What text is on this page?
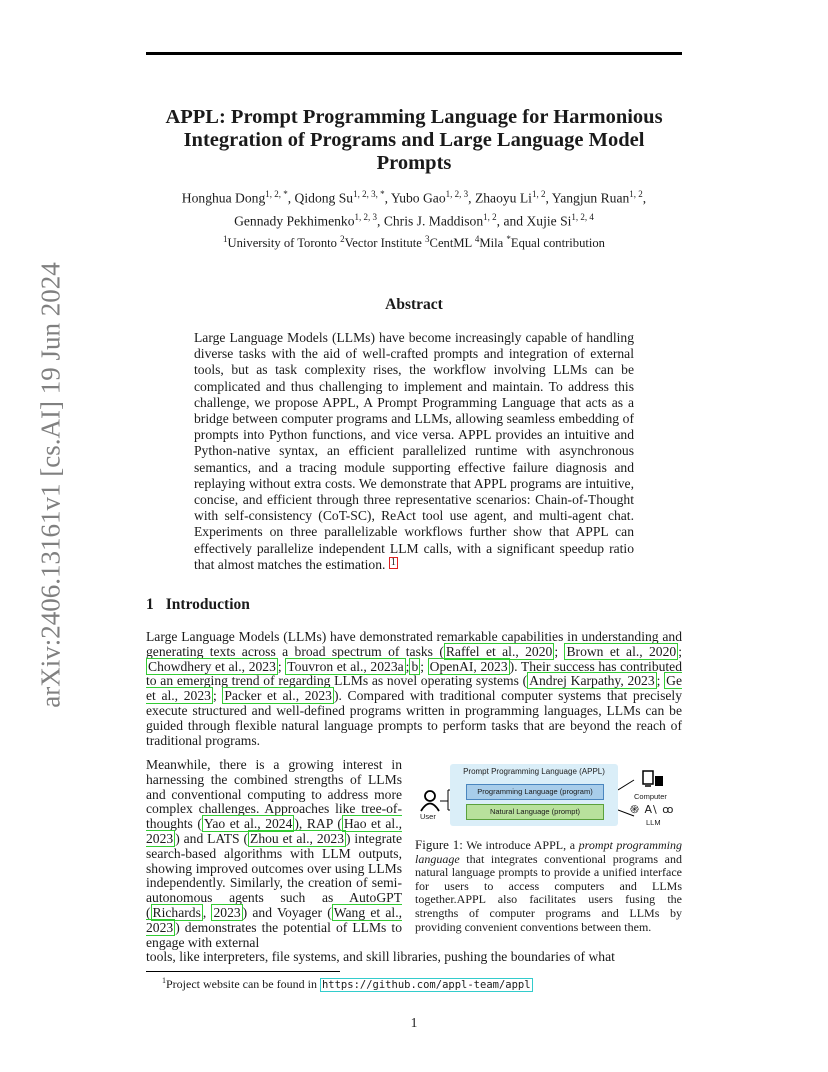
arXiv:2406.13161v1 [cs.AI] 19 Jun 2024
APPL: Prompt Programming Language for Harmonious
Integration of Programs and Large Language Model Prompts
Honghua Dong$^{1, 2, *}$, Qidong $Su^{1, 2, 3, *}$, Yubo Gao$^{1, 2, 3}$, Zhaoyu Li$^{1, 2}$, Yangjun Ruan$^{1, 2}$,
Gennady Pekhimenko$^{1, 2, 3}$, Chris J. Maddison$^{1, 2}$, and Xujie Si$^{1, 2, 4}$
$^1$University of Toronto $^2$Vector Institute $^3$CentML $^4$Mila *Equal contribution
Abstract

Large Language Models (LLMs) have become increasingly capable of handling diverse tasks with the aid of well-crafted prompts and integration of external tools, but as task complexity rises, the workflow involving LLMs can be complicated and thus challenging to implement and maintain. To address this challenge, we propose APPL, A Prompt Programming Language that acts as a bridge between computer programs and LLMs, allowing seamless embedding of prompts into Python functions, and vice versa. APPL provides an intuitive and Python-native syntax, an efficient parallelized runtime with asynchronous semantics, and a tracing module supporting effective failure diagnosis and replaying without extra costs. We demonstrate that APPL programs are intuitive, concise, and efficient through three representative scenarios: Chain-of-Thought with self-consistency (CoT-SC), ReAct tool use agent, and multi-agent chat. Experiments on three parallelizable workflows further show that APPL can effectively parallelize independent LLM calls, with a significant speedup ratio that almost matches the estimation. 1

1 Introduction

Large Language Models (LLMs) have demonstrated remarkable capabilities in understanding and generating texts across a broad spectrum of tasks ( Raffel et al., 2020 ; Brown et al., 2020 ; Chowdhery et al., 2023 ; Touvron et al., 2023a ; b ; OpenAI, 2023 ). Their success has contributed to an emerging trend of regarding LLMs as novel operating systems ( Andrej Karpathy, 2023 ; Ge et al., 2023 ; Packer et al., 2023 ). Compared with traditional computer systems that precisely execute structured and well-defined programs written in programming languages, LLMs can be guided through flexible natural language prompts to perform tasks that are beyond the reach of traditional programs.

Meanwhile, there is a growing interest in harnessing the combined strengths of LLMs and conventional computing to address more complex challenges. Approaches like tree-of-thoughts ( Yao et al., 2024 ), RAP ( Hao et al., 2023 ) and LATS ( Zhou et al., 2023 ) integrate search-based algorithms with LLM outputs, showing improved outcomes over using LLMs independently. Similarly, the creation of semi-autonomous agents such as AutoGPT ( Richards , 2023 ) and Voyager ( Wang et al., 2023 ) demonstrates the potential of LLMs to engage with external

tools, like interpreters, file systems, and skill libraries, pushing the boundaries of what

User
Prompt Programming Language (APPL)
Programming Language (program)
Natural Language (prompt)
Computer
֍ A\ ꝏ
LLM

Figure 1: We introduce APPL, a prompt programming language that integrates conventional programs and natural language prompts to provide a unified interface for users to access computers and LLMs together.APPL also facilitates users fusing the strengths of computer programs and LLMs by providing convenient conventions between them.

$^1$Project website can be found in https://github.com/appl-team/appl
1
